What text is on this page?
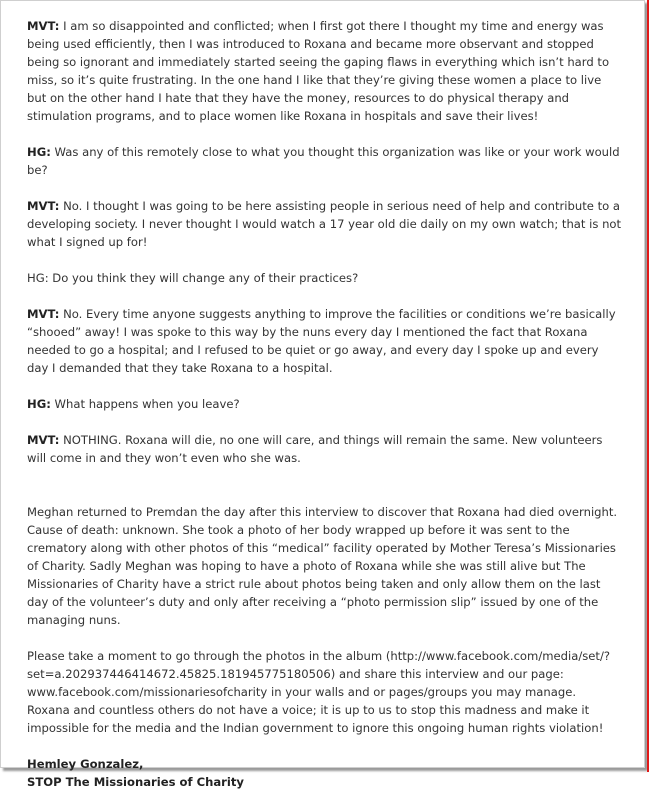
MVT: I am so disappointed and conflicted; when I first got there I thought my time and energy was being used efficiently, then I was introduced to Roxana and became more observant and stopped being so ignorant and immediately started seeing the gaping flaws in everything which isn’t hard to miss, so it’s quite frustrating. In the one hand I like that they’re giving these women a place to live but on the other hand I hate that they have the money, resources to do physical therapy and stimulation programs, and to place women like Roxana in hospitals and save their lives!

HG: Was any of this remotely close to what you thought this organization was like or your work would be?

MVT: No. I thought I was going to be here assisting people in serious need of help and contribute to a developing society. I never thought I would watch a 17 year old die daily on my own watch; that is not what I signed up for!

HG: Do you think they will change any of their practices?

MVT: No. Every time anyone suggests anything to improve the facilities or conditions we’re basically “shooed” away! I was spoke to this way by the nuns every day I mentioned the fact that Roxana needed to go a hospital; and I refused to be quiet or go away, and every day I spoke up and every day I demanded that they take Roxana to a hospital.

HG: What happens when you leave?

MVT: NOTHING. Roxana will die, no one will care, and things will remain the same. New volunteers will come in and they won’t even who she was.

Meghan returned to Premdan the day after this interview to discover that Roxana had died overnight. Cause of death: unknown. She took a photo of her body wrapped up before it was sent to the crematory along with other photos of this “medical” facility operated by Mother Teresa’s Missionaries of Charity. Sadly Meghan was hoping to have a photo of Roxana while she was still alive but The Missionaries of Charity have a strict rule about photos being taken and only allow them on the last day of the volunteer’s duty and only after receiving a “photo permission slip” issued by one of the managing nuns.

Please take a moment to go through the photos in the album (http://www.facebook.com/media/set/?set=a.202937446414672.45825.181945775180506) and share this interview and our page: www.facebook.com/missionariesofcharity in your walls and or pages/groups you may manage. Roxana and countless others do not have a voice; it is up to us to stop this madness and make it impossible for the media and the Indian government to ignore this ongoing human rights violation!

Hemley Gonzalez,
STOP The Missionaries of Charity
